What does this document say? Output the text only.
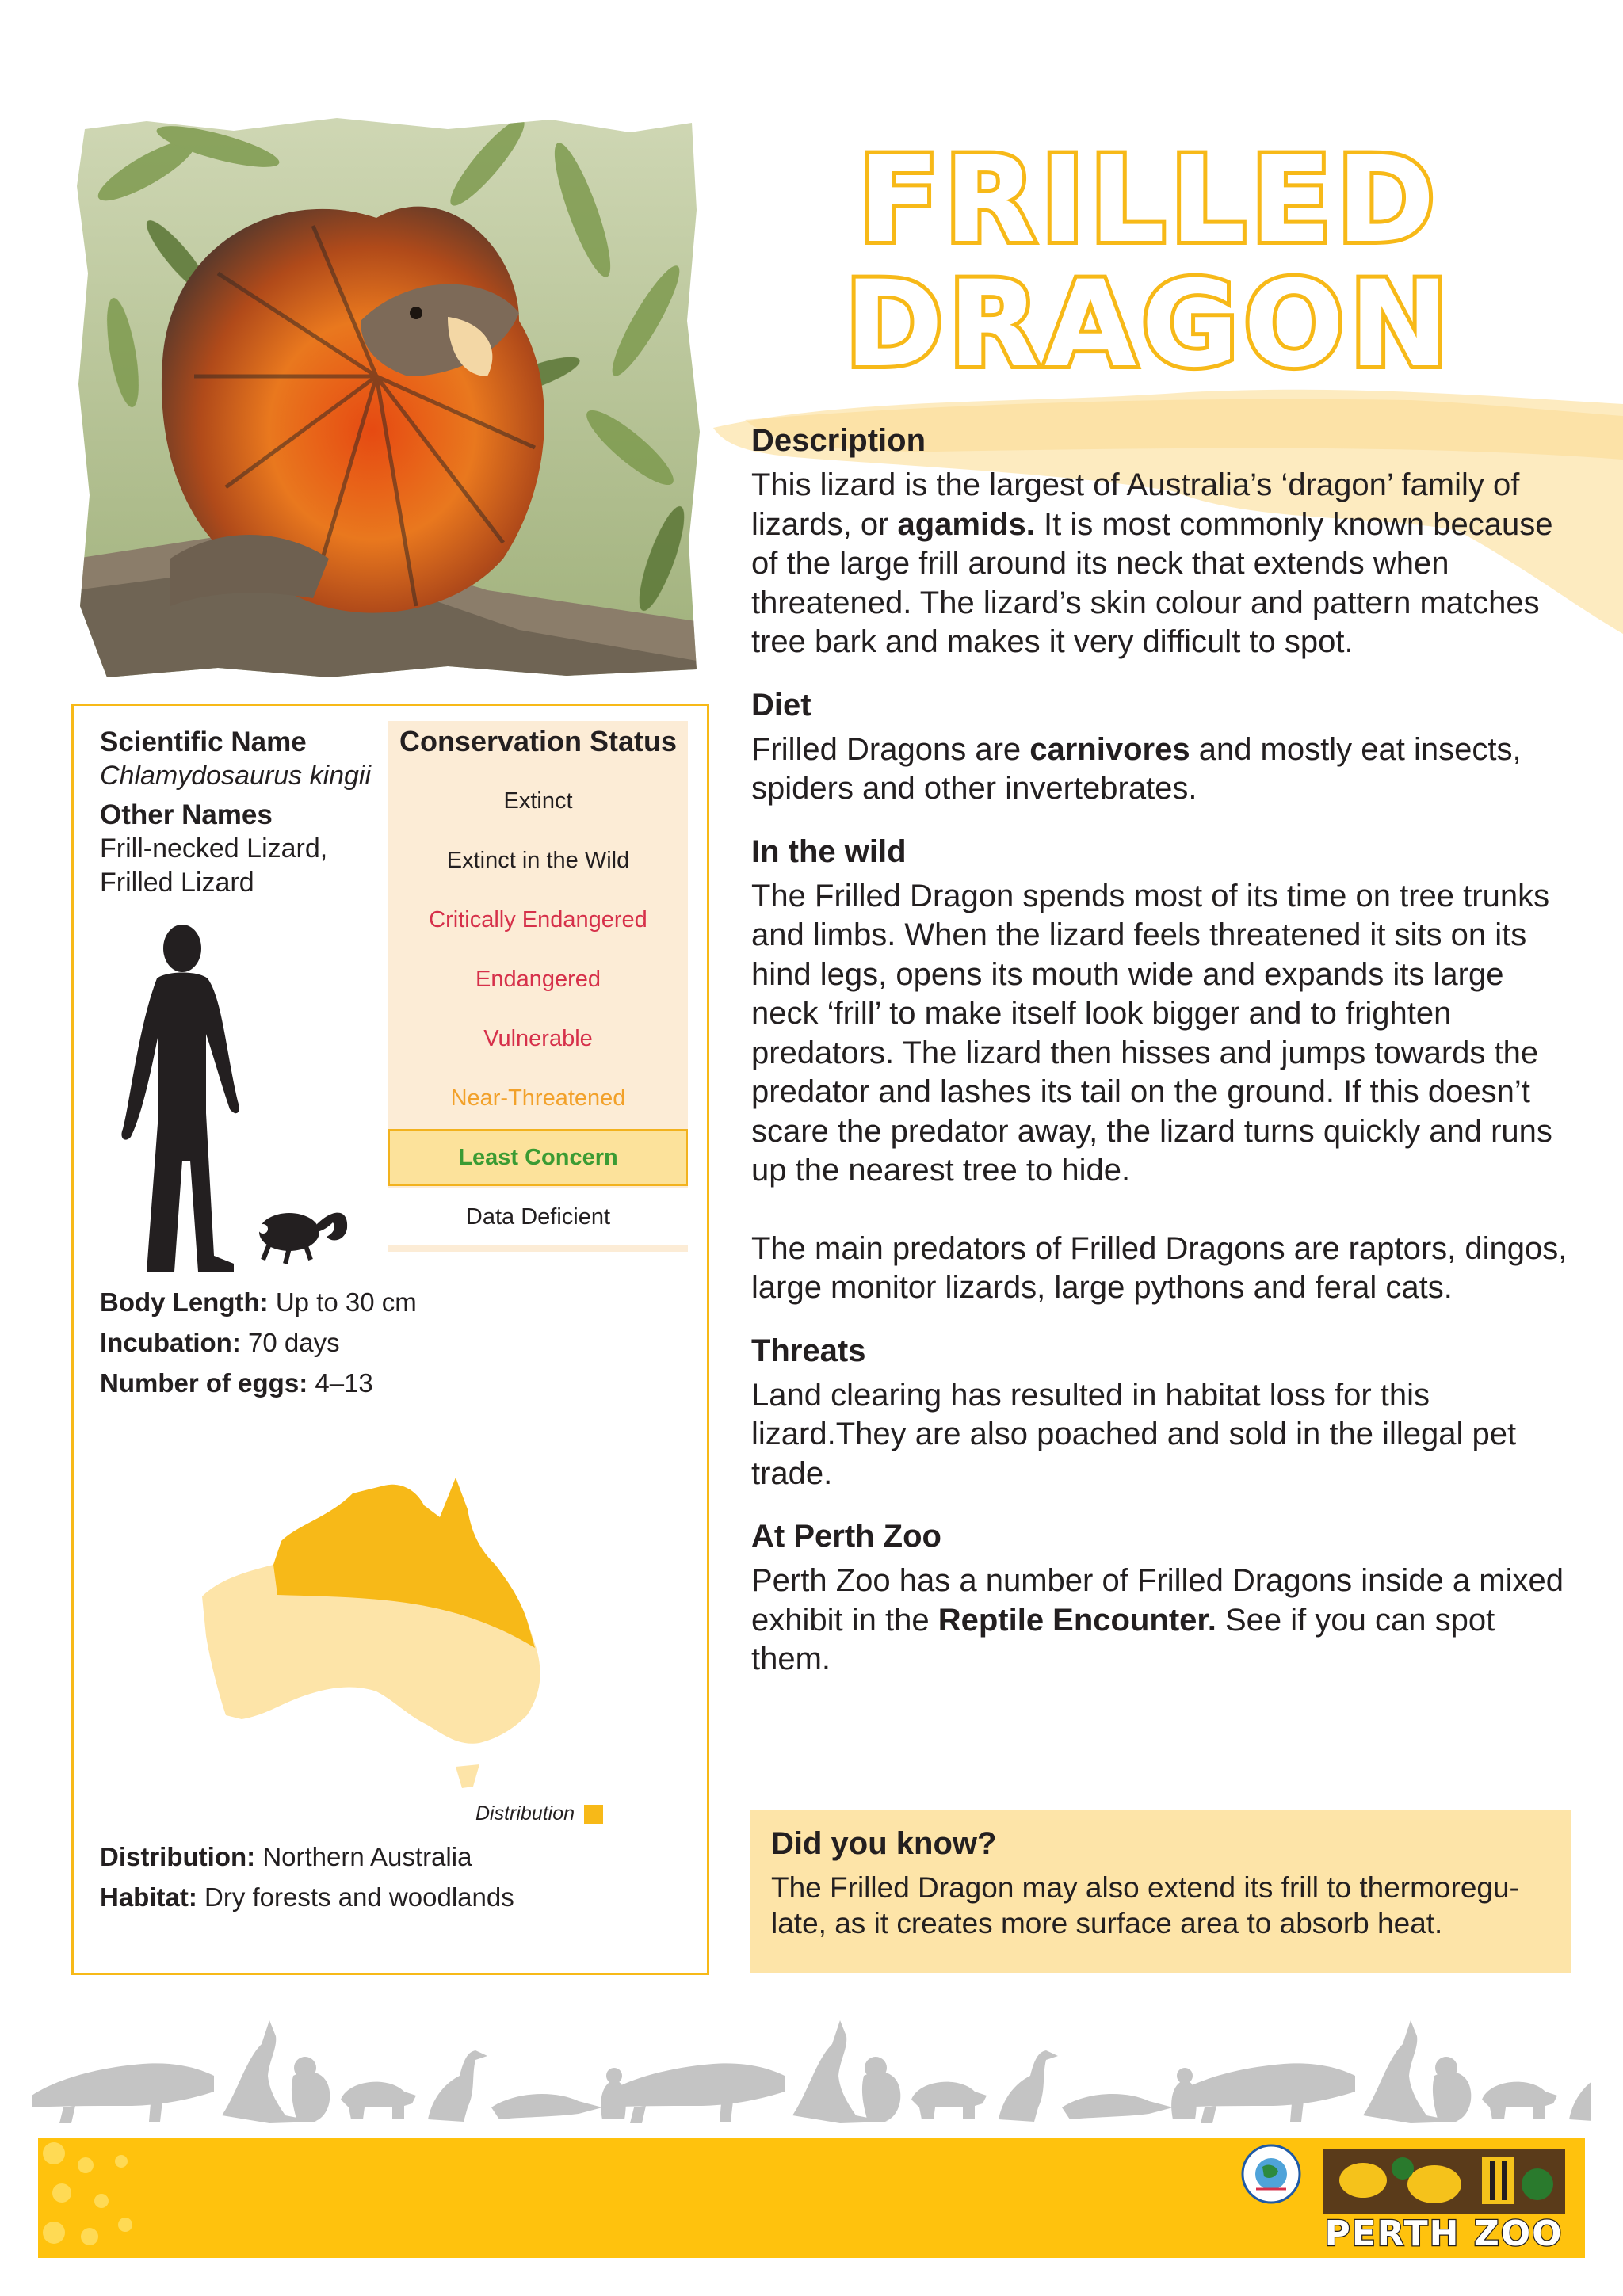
FRILLED
DRAGON
Description

This lizard is the largest of Australia’s ‘dragon’ family of lizards, or agamids. It is most commonly known because of the large frill around its neck that extends when threatened. The lizard’s skin colour and pattern matches tree bark and makes it very difficult to spot.

Diet

Frilled Dragons are carnivores and mostly eat insects, spiders and other invertebrates.

In the wild

The Frilled Dragon spends most of its time on tree trunks and limbs. When the lizard feels threatened it sits on its hind legs, opens its mouth wide and expands its large neck ‘frill’ to make itself look bigger and to frighten predators. The lizard then hisses and jumps towards the predator and lashes its tail on the ground. If this doesn’t scare the predator away, the lizard turns quickly and runs up the nearest tree to hide.

The main predators of Frilled Dragons are raptors, dingos, large monitor lizards, large pythons and feral cats.

Threats

Land clearing has resulted in habitat loss for this lizard.They are also poached and sold in the illegal pet trade.

At Perth Zoo

Perth Zoo has a number of Frilled Dragons inside a mixed exhibit in the Reptile Encounter. See if you can spot them.

Did you know?

The Frilled Dragon may also extend its frill to thermoregu-late, as it creates more surface area to absorb heat.

Conservation Status
Extinct
Extinct in the Wild
Critically Endangered
Endangered
Vulnerable
Near-Threatened
Least Concern
Data Deficient
Scientific Name
Chlamydosaurus kingii
Other Names
Frill-necked Lizard,
Frilled Lizard
Body Length: Up to 30 cm
Incubation: 70 days
Number of eggs: 4–13
Distribution
Distribution: Northern Australia
Habitat: Dry forests and woodlands
PERTH ZOO
